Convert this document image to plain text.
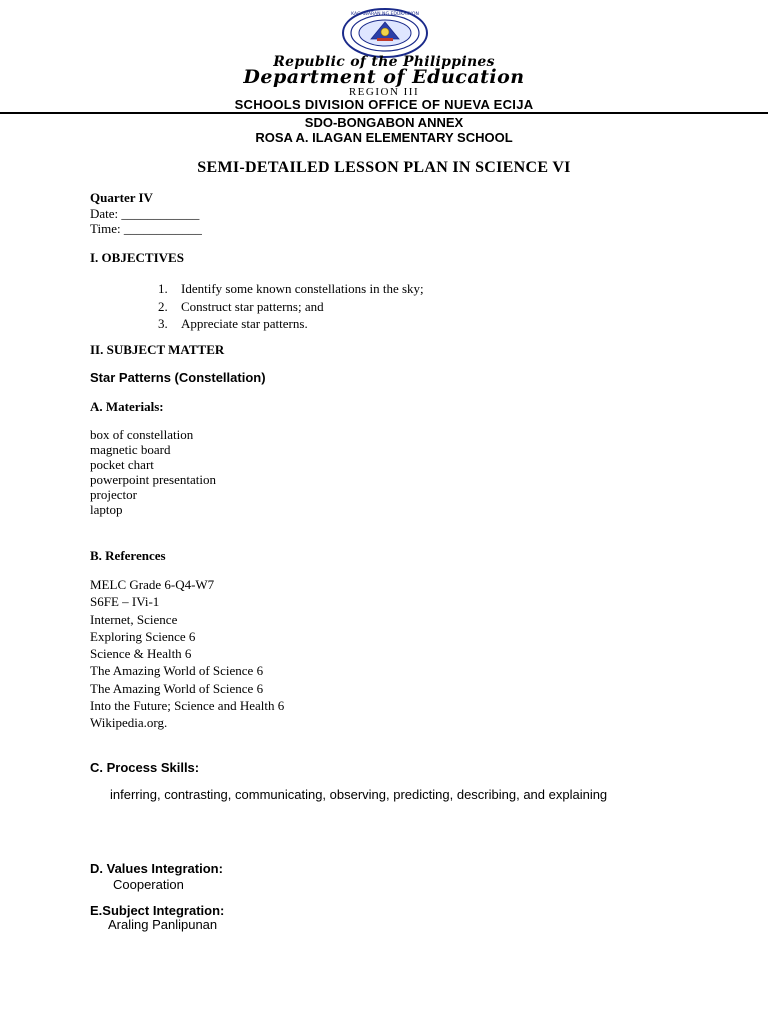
KAGAWARAN NG EDUKASYON
Republic of the Philippines
Department of Education
REGION III
SCHOOLS DIVISION OFFICE OF NUEVA ECIJA
SDO-BONGABON ANNEX
ROSA A. ILAGAN ELEMENTARY SCHOOL
SEMI-DETAILED LESSON PLAN IN SCIENCE VI
Quarter IV
Date: ____________
Time: ____________
I. OBJECTIVES
1. Identify some known constellations in the sky;
2. Construct star patterns; and
3. Appreciate star patterns.
II. SUBJECT MATTER
Star Patterns (Constellation)
A. Materials:
box of constellation
magnetic board
pocket chart
powerpoint presentation
projector
laptop
B. References
MELC Grade 6-Q4-W7
S6FE – IVi-1
Internet, Science
Exploring Science 6
Science & Health 6
The Amazing World of Science 6
The Amazing World of Science 6
Into the Future; Science and Health 6
Wikipedia.org.
C. Process Skills:
inferring, contrasting, communicating, observing, predicting, describing, and explaining
D. Values Integration:
Cooperation
E.Subject Integration:
Araling Panlipunan
